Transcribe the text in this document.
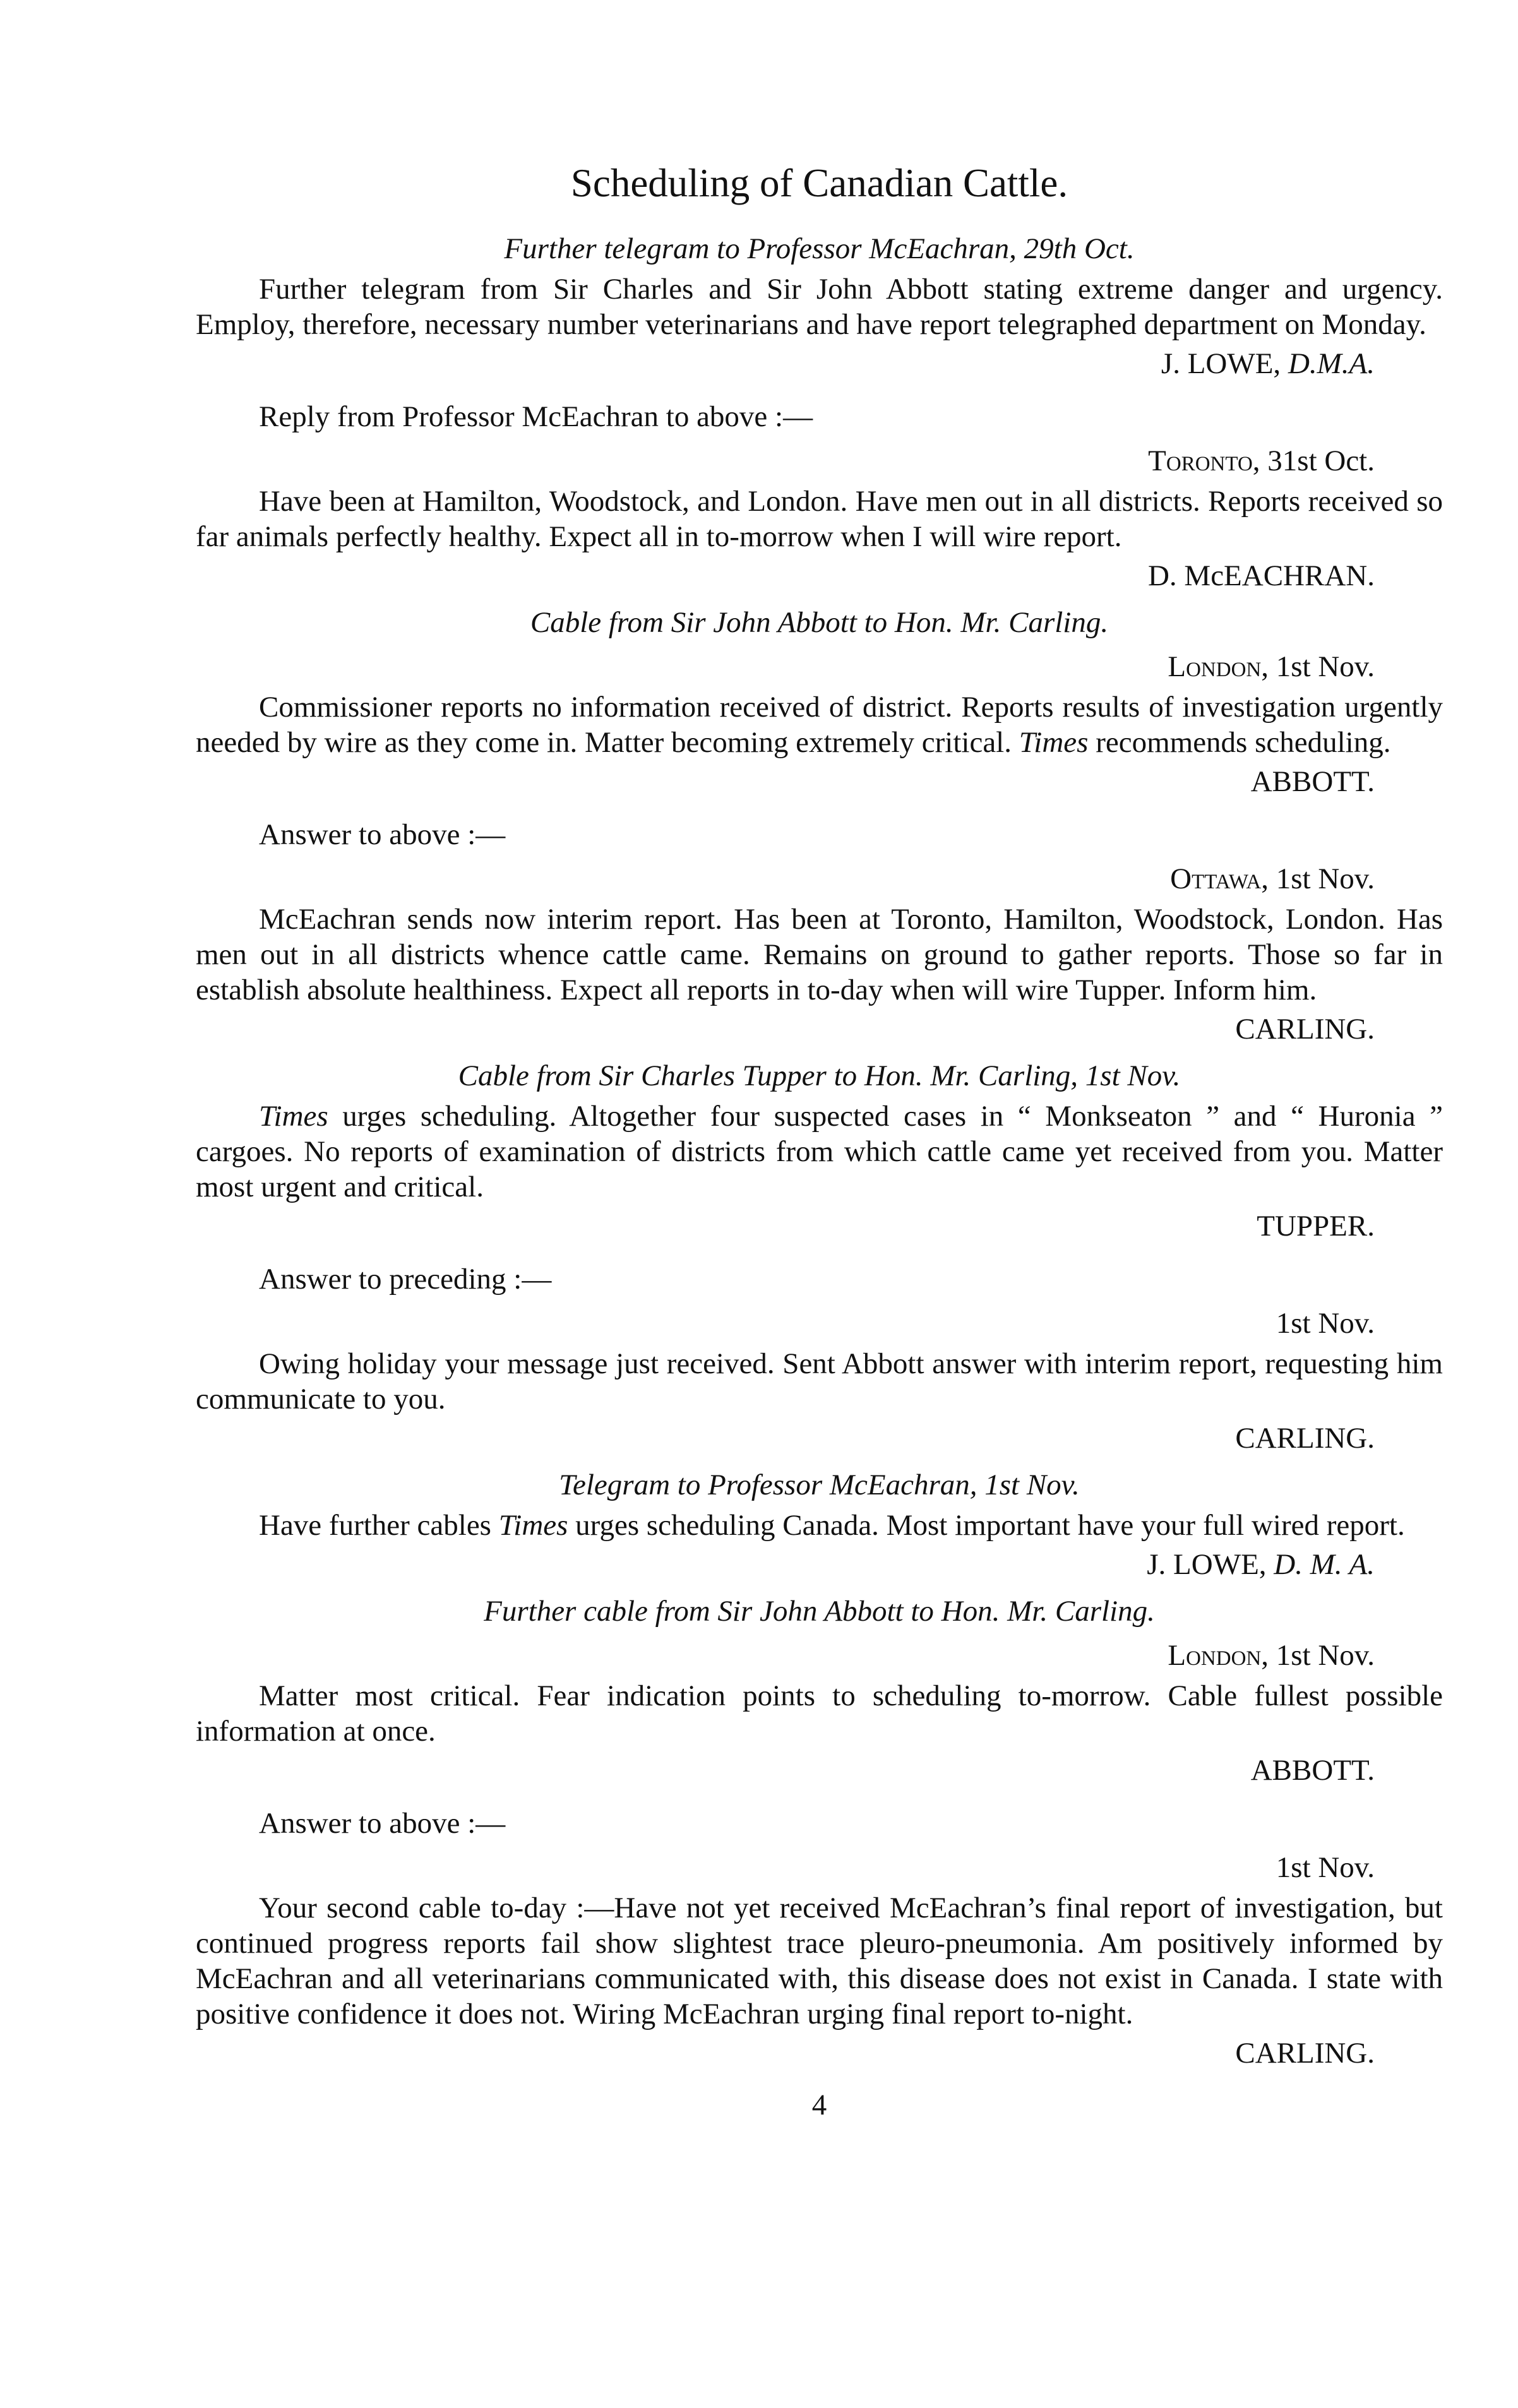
Scheduling of Canadian Cattle.
Further telegram to Professor McEachran, 29th Oct.

Further telegram from Sir Charles and Sir John Abbott stating extreme danger and urgency. Employ, therefore, necessary number veterinarians and have report telegraphed department on Monday.

J. LOWE, D.M.A.
Reply from Professor McEachran to above :—
Toronto, 31st Oct.

Have been at Hamilton, Woodstock, and London. Have men out in all districts. Reports received so far animals perfectly healthy. Expect all in to-morrow when I will wire report.

D. McEACHRAN.
Cable from Sir John Abbott to Hon. Mr. Carling.
London, 1st Nov.

Commissioner reports no information received of district. Reports results of investigation urgently needed by wire as they come in. Matter becoming extremely critical. Times recommends scheduling.

ABBOTT.
Answer to above :—
Ottawa, 1st Nov.

McEachran sends now interim report. Has been at Toronto, Hamilton, Woodstock, London. Has men out in all districts whence cattle came. Remains on ground to gather reports. Those so far in establish absolute healthiness. Expect all reports in to-day when will wire Tupper. Inform him.

CARLING.
Cable from Sir Charles Tupper to Hon. Mr. Carling, 1st Nov.

Times urges scheduling. Altogether four suspected cases in “ Monkseaton ” and “ Huronia ” cargoes. No reports of examination of districts from which cattle came yet received from you. Matter most urgent and critical.

TUPPER.
Answer to preceding :—
1st Nov.

Owing holiday your message just received. Sent Abbott answer with interim report, requesting him communicate to you.

CARLING.
Telegram to Professor McEachran, 1st Nov.

Have further cables Times urges scheduling Canada. Most important have your full wired report.

J. LOWE, D. M. A.
Further cable from Sir John Abbott to Hon. Mr. Carling.
London, 1st Nov.

Matter most critical. Fear indication points to scheduling to-morrow. Cable fullest possible information at once.

ABBOTT.
Answer to above :—
1st Nov.

Your second cable to-day :—Have not yet received McEachran’s final report of investigation, but continued progress reports fail show slightest trace pleuro-pneumonia. Am positively informed by McEachran and all veterinarians communicated with, this disease does not exist in Canada. I state with positive confidence it does not. Wiring McEachran urging final report to-night.

CARLING.
4
